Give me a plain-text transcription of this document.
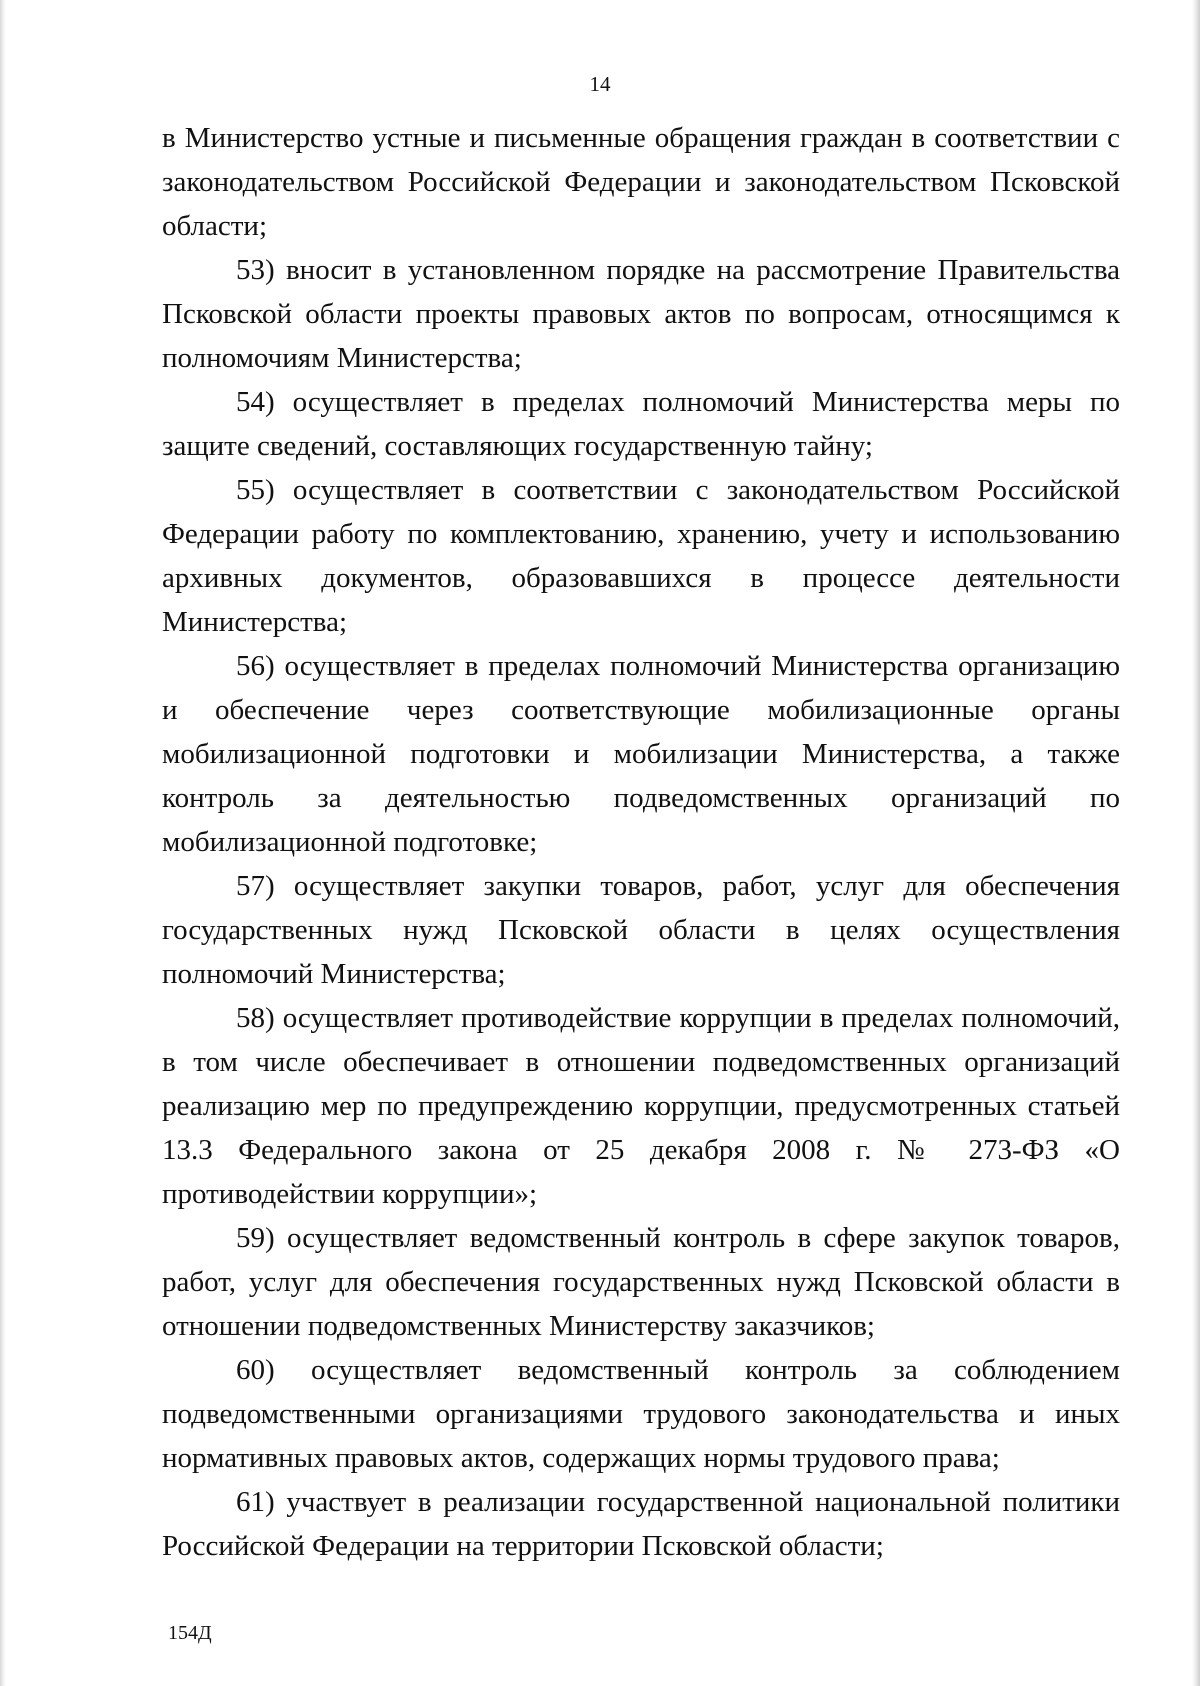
14

в Министерство устные и письменные обращения граждан в соответствии с законодательством Российской Федерации и законодательством Псковской области;

53) вносит в установленном порядке на рассмотрение Правительства Псковской области проекты правовых актов по вопросам, относящимся к полномочиям Министерства;

54) осуществляет в пределах полномочий Министерства меры по защите сведений, составляющих государственную тайну;

55) осуществляет в соответствии с законодательством Российской Федерации работу по комплектованию, хранению, учету и использованию архивных документов, образовавшихся в процессе деятельности Министерства;

56) осуществляет в пределах полномочий Министерства организацию и обеспечение через соответствующие мобилизационные органы мобилизационной подготовки и мобилизации Министерства, а также контроль за деятельностью подведомственных организаций по мобилизационной подготовке;

57) осуществляет закупки товаров, работ, услуг для обеспечения государственных нужд Псковской области в целях осуществления полномочий Министерства;

58) осуществляет противодействие коррупции в пределах полномочий, в том числе обеспечивает в отношении подведомственных организаций реализацию мер по предупреждению коррупции, предусмотренных статьей 13.3 Федерального закона от 25 декабря 2008 г. № 273-ФЗ «О противодействии коррупции»;

59) осуществляет ведомственный контроль в сфере закупок товаров, работ, услуг для обеспечения государственных нужд Псковской области в отношении подведомственных Министерству заказчиков;

60) осуществляет ведомственный контроль за соблюдением подведомственными организациями трудового законодательства и иных нормативных правовых актов, содержащих нормы трудового права;

61) участвует в реализации государственной национальной политики Российской Федерации на территории Псковской области;

154Д
